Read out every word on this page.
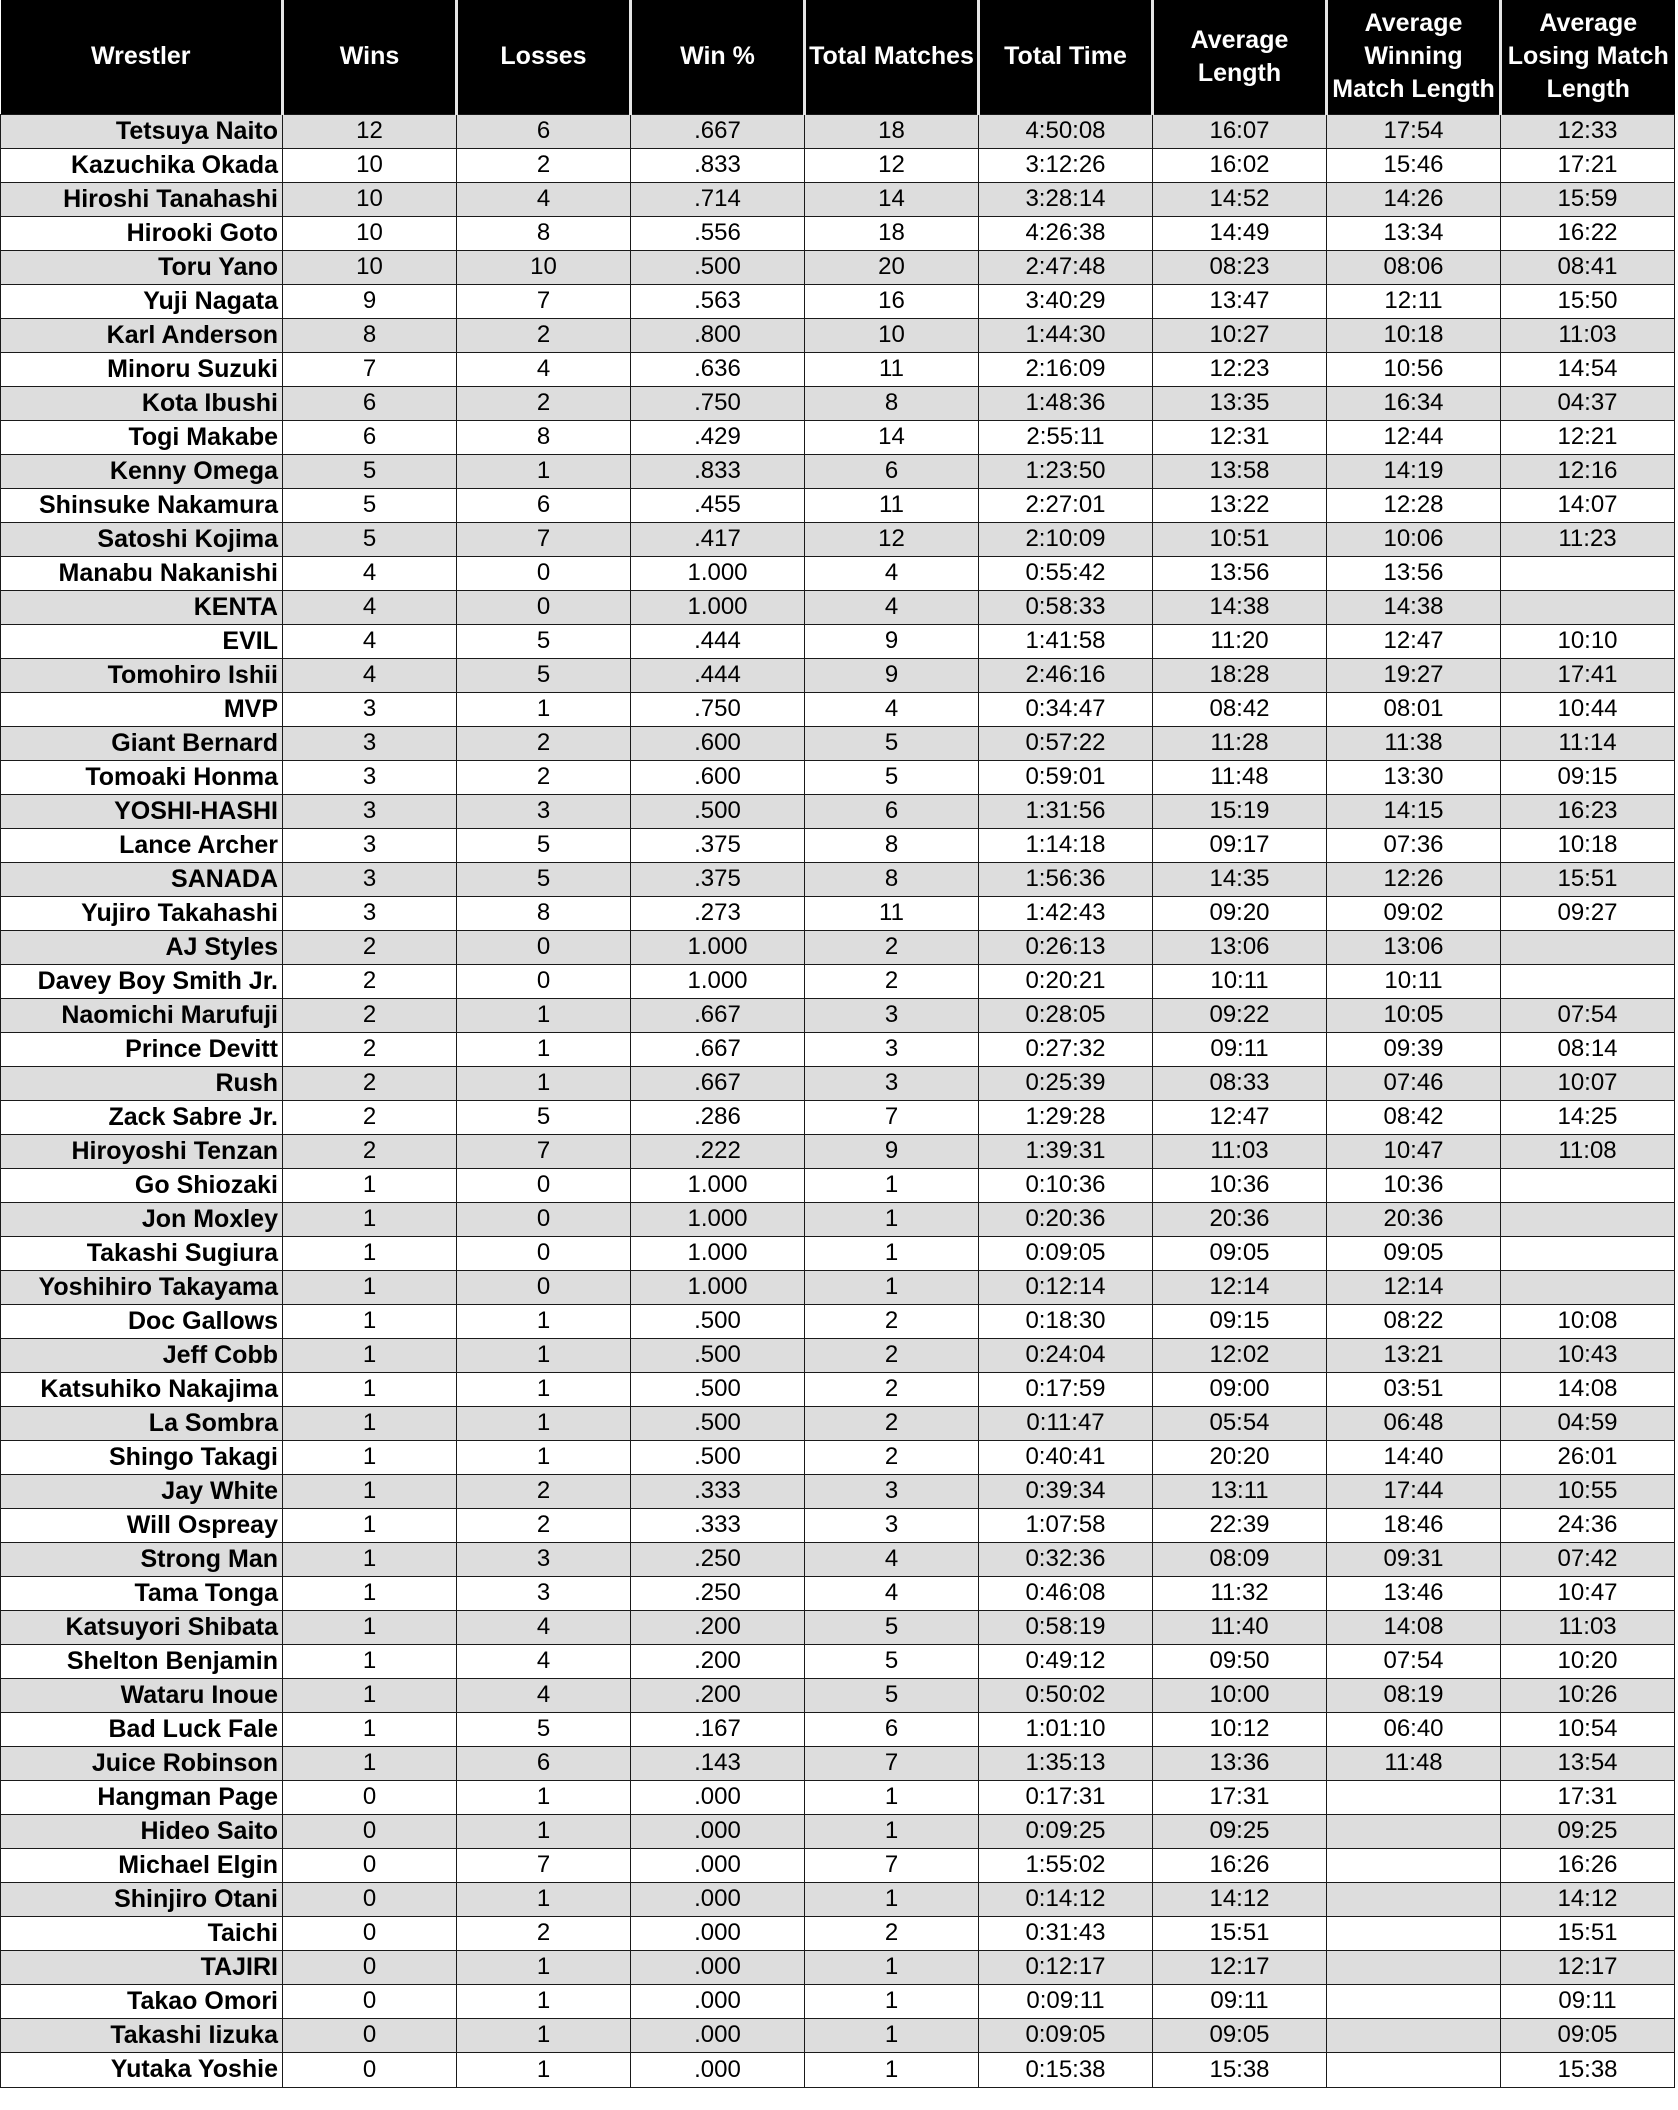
Wrestler	Wins	Losses	Win %	Total Matches	Total Time	Average Length	Average Winning Match Length	Average Losing Match Length
Tetsuya Naito	12	6	.667	18	4:50:08	16:07	17:54	12:33
Kazuchika Okada	10	2	.833	12	3:12:26	16:02	15:46	17:21
Hiroshi Tanahashi	10	4	.714	14	3:28:14	14:52	14:26	15:59
Hirooki Goto	10	8	.556	18	4:26:38	14:49	13:34	16:22
Toru Yano	10	10	.500	20	2:47:48	08:23	08:06	08:41
Yuji Nagata	9	7	.563	16	3:40:29	13:47	12:11	15:50
Karl Anderson	8	2	.800	10	1:44:30	10:27	10:18	11:03
Minoru Suzuki	7	4	.636	11	2:16:09	12:23	10:56	14:54
Kota Ibushi	6	2	.750	8	1:48:36	13:35	16:34	04:37
Togi Makabe	6	8	.429	14	2:55:11	12:31	12:44	12:21
Kenny Omega	5	1	.833	6	1:23:50	13:58	14:19	12:16
Shinsuke Nakamura	5	6	.455	11	2:27:01	13:22	12:28	14:07
Satoshi Kojima	5	7	.417	12	2:10:09	10:51	10:06	11:23
Manabu Nakanishi	4	0	1.000	4	0:55:42	13:56	13:56	
KENTA	4	0	1.000	4	0:58:33	14:38	14:38	
EVIL	4	5	.444	9	1:41:58	11:20	12:47	10:10
Tomohiro Ishii	4	5	.444	9	2:46:16	18:28	19:27	17:41
MVP	3	1	.750	4	0:34:47	08:42	08:01	10:44
Giant Bernard	3	2	.600	5	0:57:22	11:28	11:38	11:14
Tomoaki Honma	3	2	.600	5	0:59:01	11:48	13:30	09:15
YOSHI-HASHI	3	3	.500	6	1:31:56	15:19	14:15	16:23
Lance Archer	3	5	.375	8	1:14:18	09:17	07:36	10:18
SANADA	3	5	.375	8	1:56:36	14:35	12:26	15:51
Yujiro Takahashi	3	8	.273	11	1:42:43	09:20	09:02	09:27
AJ Styles	2	0	1.000	2	0:26:13	13:06	13:06	
Davey Boy Smith Jr.	2	0	1.000	2	0:20:21	10:11	10:11	
Naomichi Marufuji	2	1	.667	3	0:28:05	09:22	10:05	07:54
Prince Devitt	2	1	.667	3	0:27:32	09:11	09:39	08:14
Rush	2	1	.667	3	0:25:39	08:33	07:46	10:07
Zack Sabre Jr.	2	5	.286	7	1:29:28	12:47	08:42	14:25
Hiroyoshi Tenzan	2	7	.222	9	1:39:31	11:03	10:47	11:08
Go Shiozaki	1	0	1.000	1	0:10:36	10:36	10:36	
Jon Moxley	1	0	1.000	1	0:20:36	20:36	20:36	
Takashi Sugiura	1	0	1.000	1	0:09:05	09:05	09:05	
Yoshihiro Takayama	1	0	1.000	1	0:12:14	12:14	12:14	
Doc Gallows	1	1	.500	2	0:18:30	09:15	08:22	10:08
Jeff Cobb	1	1	.500	2	0:24:04	12:02	13:21	10:43
Katsuhiko Nakajima	1	1	.500	2	0:17:59	09:00	03:51	14:08
La Sombra	1	1	.500	2	0:11:47	05:54	06:48	04:59
Shingo Takagi	1	1	.500	2	0:40:41	20:20	14:40	26:01
Jay White	1	2	.333	3	0:39:34	13:11	17:44	10:55
Will Ospreay	1	2	.333	3	1:07:58	22:39	18:46	24:36
Strong Man	1	3	.250	4	0:32:36	08:09	09:31	07:42
Tama Tonga	1	3	.250	4	0:46:08	11:32	13:46	10:47
Katsuyori Shibata	1	4	.200	5	0:58:19	11:40	14:08	11:03
Shelton Benjamin	1	4	.200	5	0:49:12	09:50	07:54	10:20
Wataru Inoue	1	4	.200	5	0:50:02	10:00	08:19	10:26
Bad Luck Fale	1	5	.167	6	1:01:10	10:12	06:40	10:54
Juice Robinson	1	6	.143	7	1:35:13	13:36	11:48	13:54
Hangman Page	0	1	.000	1	0:17:31	17:31		17:31
Hideo Saito	0	1	.000	1	0:09:25	09:25		09:25
Michael Elgin	0	7	.000	7	1:55:02	16:26		16:26
Shinjiro Otani	0	1	.000	1	0:14:12	14:12		14:12
Taichi	0	2	.000	2	0:31:43	15:51		15:51
TAJIRI	0	1	.000	1	0:12:17	12:17		12:17
Takao Omori	0	1	.000	1	0:09:11	09:11		09:11
Takashi Iizuka	0	1	.000	1	0:09:05	09:05		09:05
Yutaka Yoshie	0	1	.000	1	0:15:38	15:38		15:38
